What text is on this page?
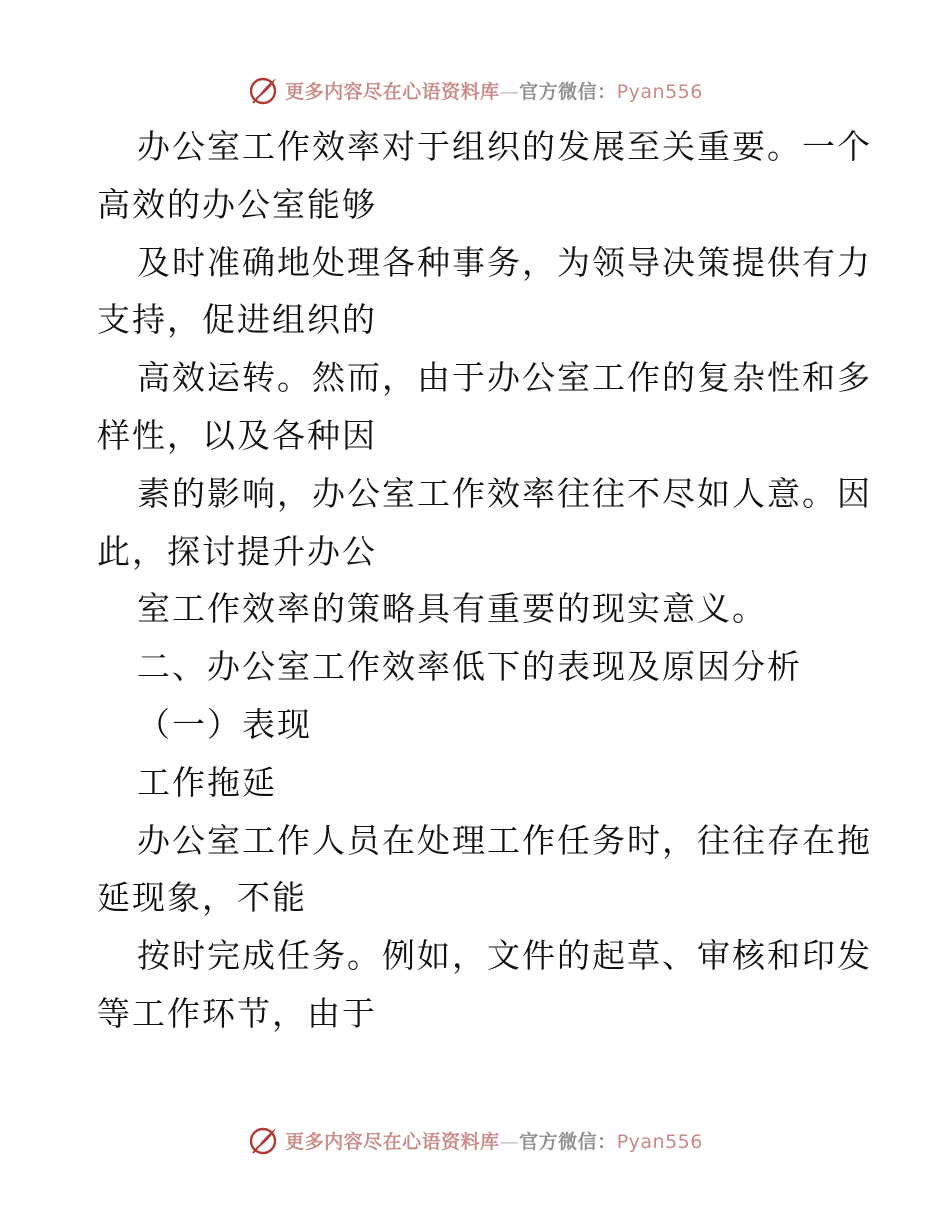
更多内容尽在心语资料库—官方微信：Pyan556
办公室工作效率对于组织的发展至关重要。一个
高效的办公室能够
及时准确地处理各种事务，为领导决策提供有力
支持，促进组织的
高效运转。然而，由于办公室工作的复杂性和多
样性，以及各种因
素的影响，办公室工作效率往往不尽如人意。因
此，探讨提升办公
室工作效率的策略具有重要的现实意义。
二、办公室工作效率低下的表现及原因分析
（一）表现
工作拖延
办公室工作人员在处理工作任务时，往往存在拖
延现象，不能
按时完成任务。例如，文件的起草、审核和印发
等工作环节，由于
更多内容尽在心语资料库—官方微信：Pyan556
